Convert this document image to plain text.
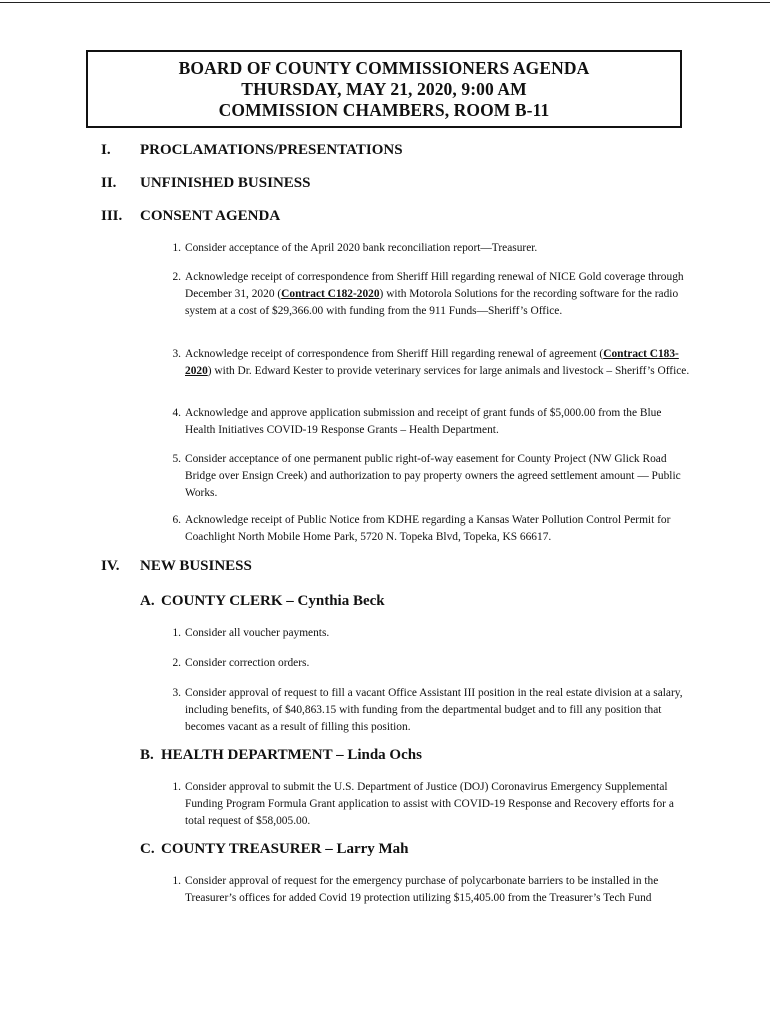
BOARD OF COUNTY COMMISSIONERS AGENDA
THURSDAY, MAY 21, 2020, 9:00 AM
COMMISSION CHAMBERS, ROOM B-11
I. PROCLAMATIONS/PRESENTATIONS
II. UNFINISHED BUSINESS
III. CONSENT AGENDA
1. Consider acceptance of the April 2020 bank reconciliation report—Treasurer.
2. Acknowledge receipt of correspondence from Sheriff Hill regarding renewal of NICE Gold coverage through December 31, 2020 (Contract C182-2020) with Motorola Solutions for the recording software for the radio system at a cost of $29,366.00 with funding from the 911 Funds—Sheriff’s Office.
3. Acknowledge receipt of correspondence from Sheriff Hill regarding renewal of agreement (Contract C183-2020) with Dr. Edward Kester to provide veterinary services for large animals and livestock – Sheriff’s Office.
4. Acknowledge and approve application submission and receipt of grant funds of $5,000.00 from the Blue Health Initiatives COVID-19 Response Grants – Health Department.
5. Consider acceptance of one permanent public right-of-way easement for County Project (NW Glick Road Bridge over Ensign Creek) and authorization to pay property owners the agreed settlement amount — Public Works.
6. Acknowledge receipt of Public Notice from KDHE regarding a Kansas Water Pollution Control Permit for Coachlight North Mobile Home Park, 5720 N. Topeka Blvd, Topeka, KS 66617.
IV. NEW BUSINESS
A. COUNTY CLERK – Cynthia Beck
1. Consider all voucher payments.
2. Consider correction orders.
3. Consider approval of request to fill a vacant Office Assistant III position in the real estate division at a salary, including benefits, of $40,863.15 with funding from the departmental budget and to fill any position that becomes vacant as a result of filling this position.
B. HEALTH DEPARTMENT – Linda Ochs
1. Consider approval to submit the U.S. Department of Justice (DOJ) Coronavirus Emergency Supplemental Funding Program Formula Grant application to assist with COVID-19 Response and Recovery efforts for a total request of $58,005.00.
C. COUNTY TREASURER – Larry Mah
1. Consider approval of request for the emergency purchase of polycarbonate barriers to be installed in the Treasurer’s offices for added Covid 19 protection utilizing $15,405.00 from the Treasurer’s Tech Fund
